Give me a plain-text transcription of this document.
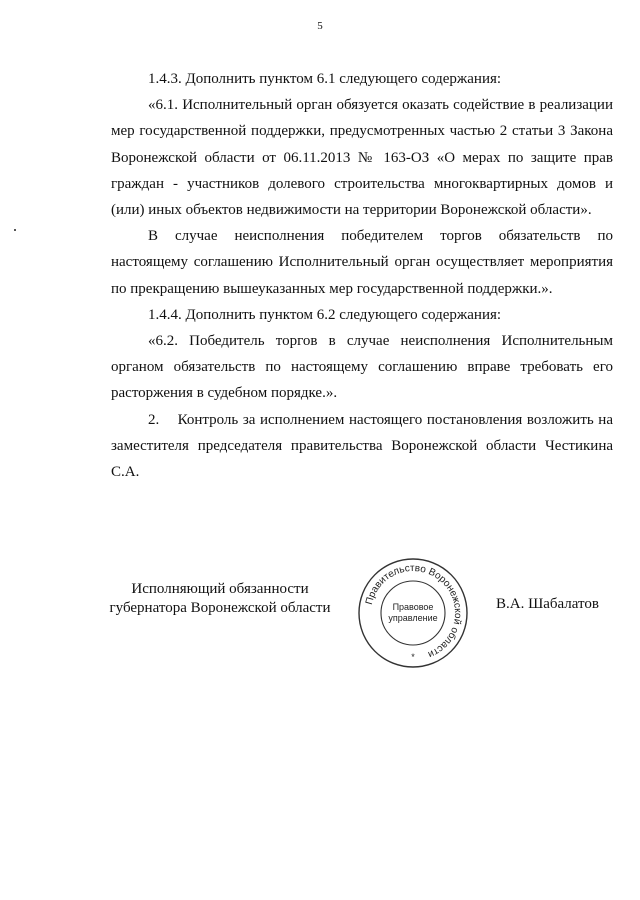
5

1.4.3. Дополнить пунктом 6.1 следующего содержания:

«6.1. Исполнительный орган обязуется оказать содействие в реализации мер государственной поддержки, предусмотренных частью 2 статьи 3 Закона Воронежской области от 06.11.2013 № 163-ОЗ «О мерах по защите прав граждан - участников долевого строительства многоквартирных домов и (или) иных объектов недвижимости на территории Воронежской области».

В случае неисполнения победителем торгов обязательств по настоящему соглашению Исполнительный орган осуществляет мероприятия по прекращению вышеуказанных мер государственной поддержки.».

1.4.4. Дополнить пунктом 6.2 следующего содержания:

«6.2. Победитель торгов в случае неисполнения Исполнительным органом обязательств по настоящему соглашению вправе требовать его расторжения в судебном порядке.».

2.    Контроль за исполнением настоящего постановления возложить на заместителя председателя правительства Воронежской области Честикина С.А.

Исполняющий обязанности
губернатора Воронежской области	Правительство Воронежской области
Правовое
управление
*
В.А. Шабалатов
